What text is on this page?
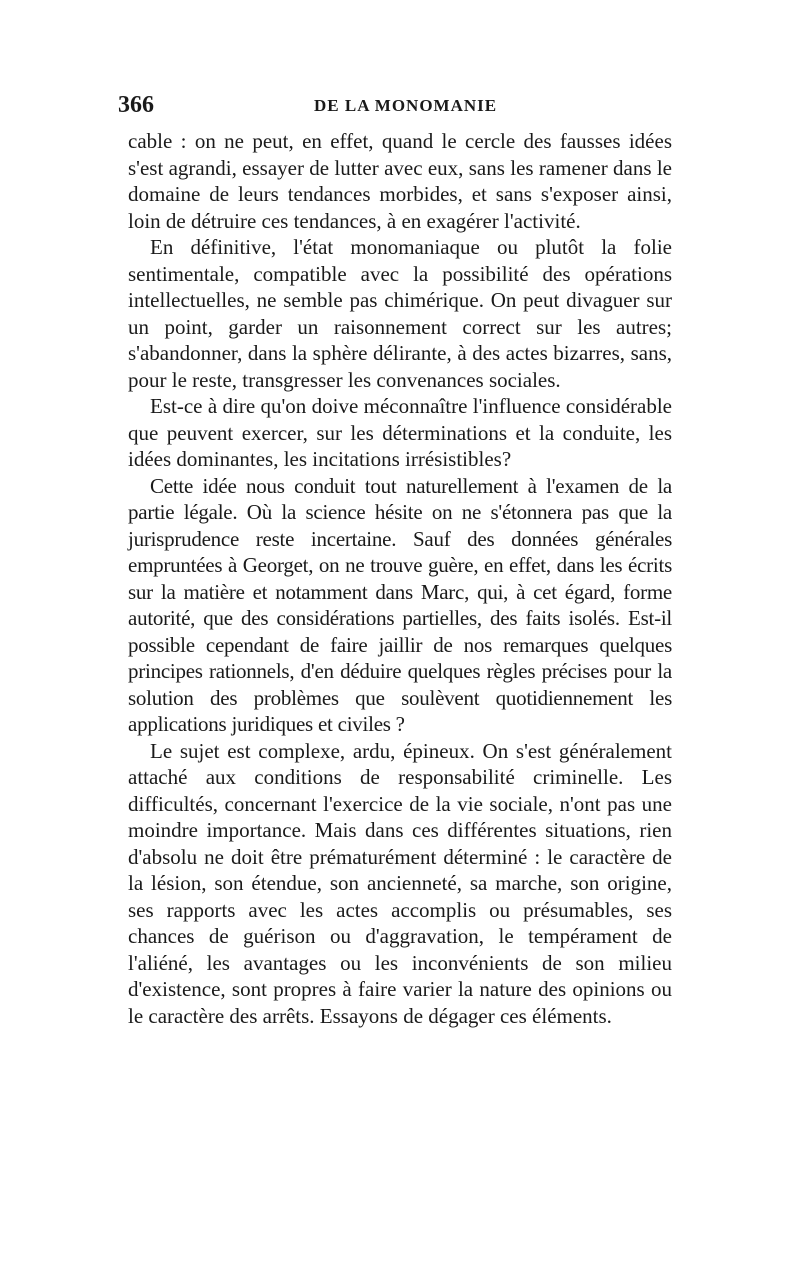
366	DE LA MONOMANIE

cable : on ne peut, en effet, quand le cercle des fausses idées s'est agrandi, essayer de lutter avec eux, sans les ramener dans le domaine de leurs tendances morbides, et sans s'exposer ainsi, loin de détruire ces tendances, à en exagérer l'activité.

En définitive, l'état monomaniaque ou plutôt la folie sentimentale, compatible avec la possibilité des opérations intellectuelles, ne semble pas chimérique. On peut divaguer sur un point, garder un raisonnement correct sur les autres; s'abandonner, dans la sphère délirante, à des actes bizarres, sans, pour le reste, transgresser les convenances sociales.

Est-ce à dire qu'on doive méconnaître l'influence considérable que peuvent exercer, sur les déterminations et la conduite, les idées dominantes, les incitations irrésistibles?

Cette idée nous conduit tout naturellement à l'examen de la partie légale. Où la science hésite on ne s'étonnera pas que la jurisprudence reste incertaine. Sauf des données générales empruntées à Georget, on ne trouve guère, en effet, dans les écrits sur la matière et notamment dans Marc, qui, à cet égard, forme autorité, que des considérations partielles, des faits isolés. Est-il possible cependant de faire jaillir de nos remarques quelques principes rationnels, d'en déduire quelques règles précises pour la solution des problèmes que soulèvent quotidiennement les applications juridiques et civiles ?

Le sujet est complexe, ardu, épineux. On s'est généralement attaché aux conditions de responsabilité criminelle. Les difficultés, concernant l'exercice de la vie sociale, n'ont pas une moindre importance. Mais dans ces différentes situations, rien d'absolu ne doit être prématurément déterminé : le caractère de la lésion, son étendue, son ancienneté, sa marche, son origine, ses rapports avec les actes accomplis ou présumables, ses chances de guérison ou d'aggravation, le tempérament de l'aliéné, les avantages ou les inconvénients de son milieu d'existence, sont propres à faire varier la nature des opinions ou le caractère des arrêts. Essayons de dégager ces éléments.
